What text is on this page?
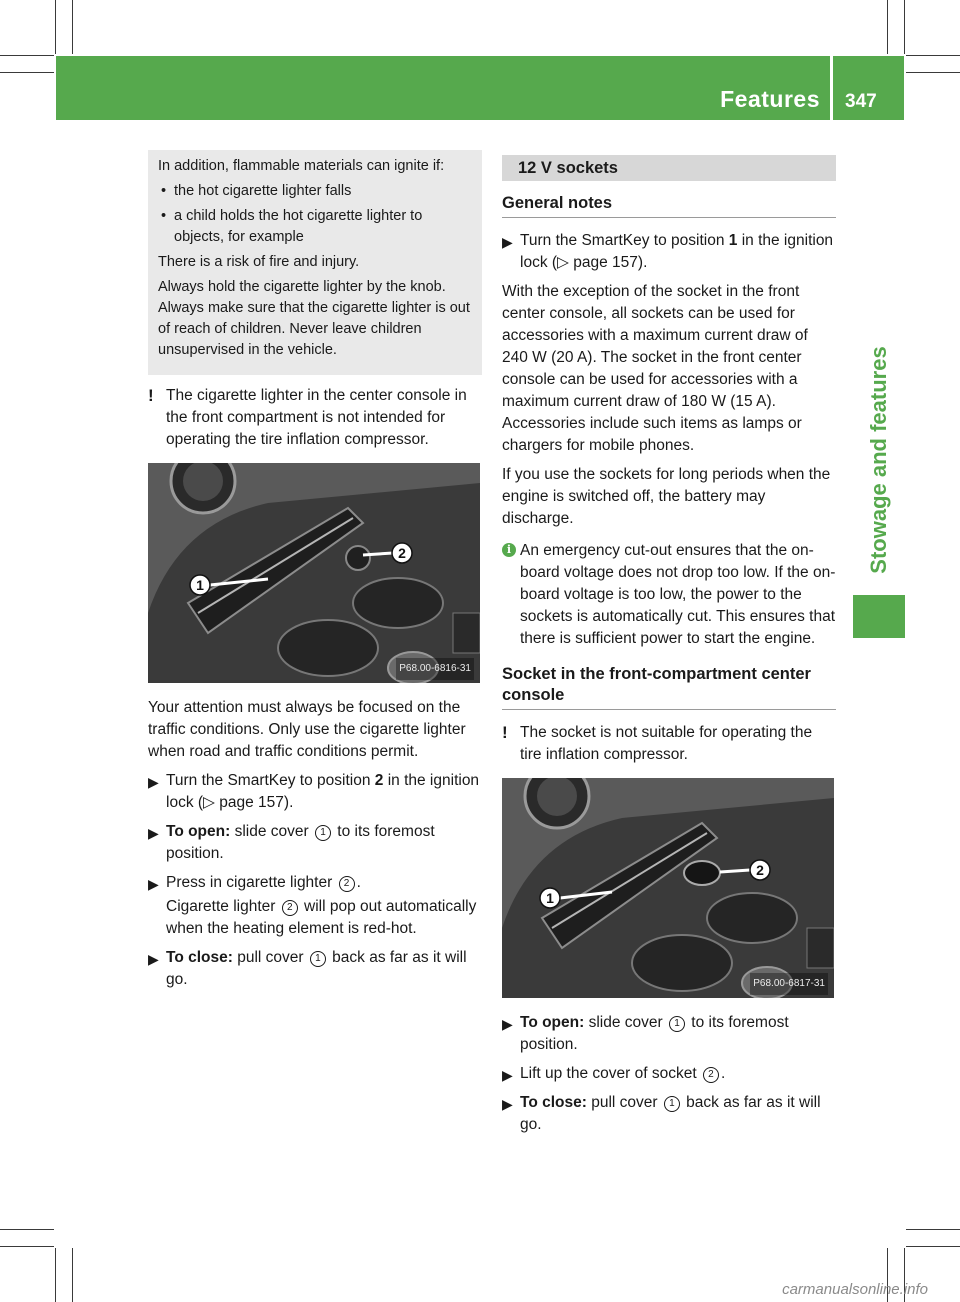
Features 347
Stowage and features

In addition, flammable materials can ignite if:

• the hot cigarette lighter falls
• a child holds the hot cigarette lighter to objects, for example

There is a risk of fire and injury.

Always hold the cigarette lighter by the knob. Always make sure that the cigarette lighter is out of reach of children. Never leave children unsupervised in the vehicle.

! The cigarette lighter in the center console in the front compartment is not intended for operating the tire inflation compressor.
1
2
P68.00-6816-31

Your attention must always be focused on the traffic conditions. Only use the cigarette lighter when road and traffic conditions permit.

▶ Turn the SmartKey to position 2 in the ignition lock (▷ page 157).
▶ To open: slide cover 1 to its foremost position.
▶ Press in cigarette lighter 2 .
Cigarette lighter 2 will pop out automatically when the heating element is red-hot.
▶ To close: pull cover 1 back as far as it will go.
12 V sockets
General notes
▶ Turn the SmartKey to position 1 in the ignition lock (▷ page 157).

With the exception of the socket in the front center console, all sockets can be used for accessories with a maximum current draw of 240 W (20 A). The socket in the front center console can be used for accessories with a maximum current draw of 180 W (15 A). Accessories include such items as lamps or chargers for mobile phones.

If you use the sockets for long periods when the engine is switched off, the battery may discharge.

i An emergency cut-out ensures that the on-board voltage does not drop too low. If the on-board voltage is too low, the power to the sockets is automatically cut. This ensures that there is sufficient power to start the engine.
Socket in the front-compartment center console
! The socket is not suitable for operating the tire inflation compressor.
1
2
P68.00-6817-31
▶ To open: slide cover 1 to its foremost position.
▶ Lift up the cover of socket 2 .
▶ To close: pull cover 1 back as far as it will go.
carmanualsonline.info
